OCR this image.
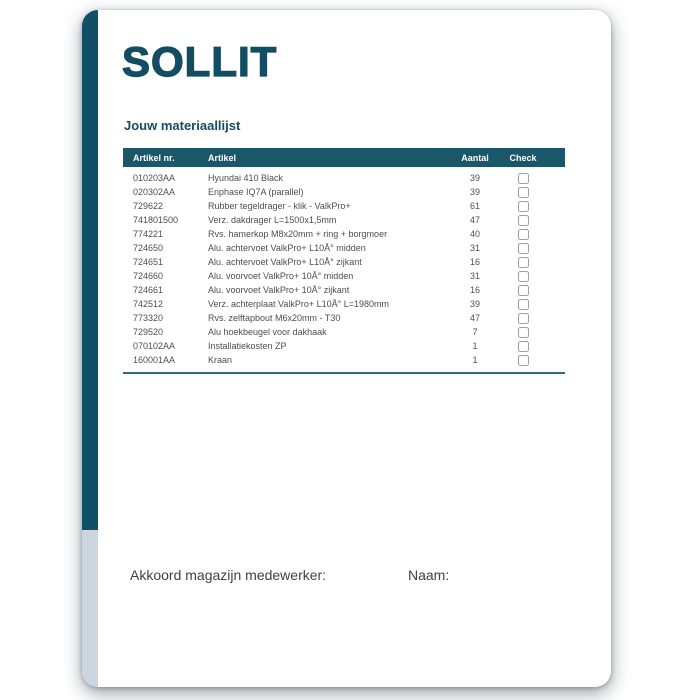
SOLLIT
Jouw materiaallijst
Artikel nr.	Artikel	Aantal	Check
010203AA	Hyundai 410 Black	39
020302AA	Enphase IQ7A (parallel)	39
729622	Rubber tegeldrager - klik - ValkPro+	61
741801500	Verz. dakdrager L=1500x1,5mm	47
774221	Rvs. hamerkop M8x20mm + ring + borgmoer	40
724650	Alu. achtervoet ValkPro+ L10Å° midden	31
724651	Alu. achtervoet ValkPro+ L10Å° zijkant	16
724660	Alu. voorvoet ValkPro+ 10Å° midden	31
724661	Alu. voorvoet ValkPro+ 10Å° zijkant	16
742512	Verz. achterplaat ValkPro+ L10Å° L=1980mm	39
773320	Rvs. zelftapbout M6x20mm - T30	47
729520	Alu hoekbeugel voor dakhaak	7
070102AA	Installatiekosten ZP	1
160001AA	Kraan	1
Akkoord magazijn medewerker:	Naam:
